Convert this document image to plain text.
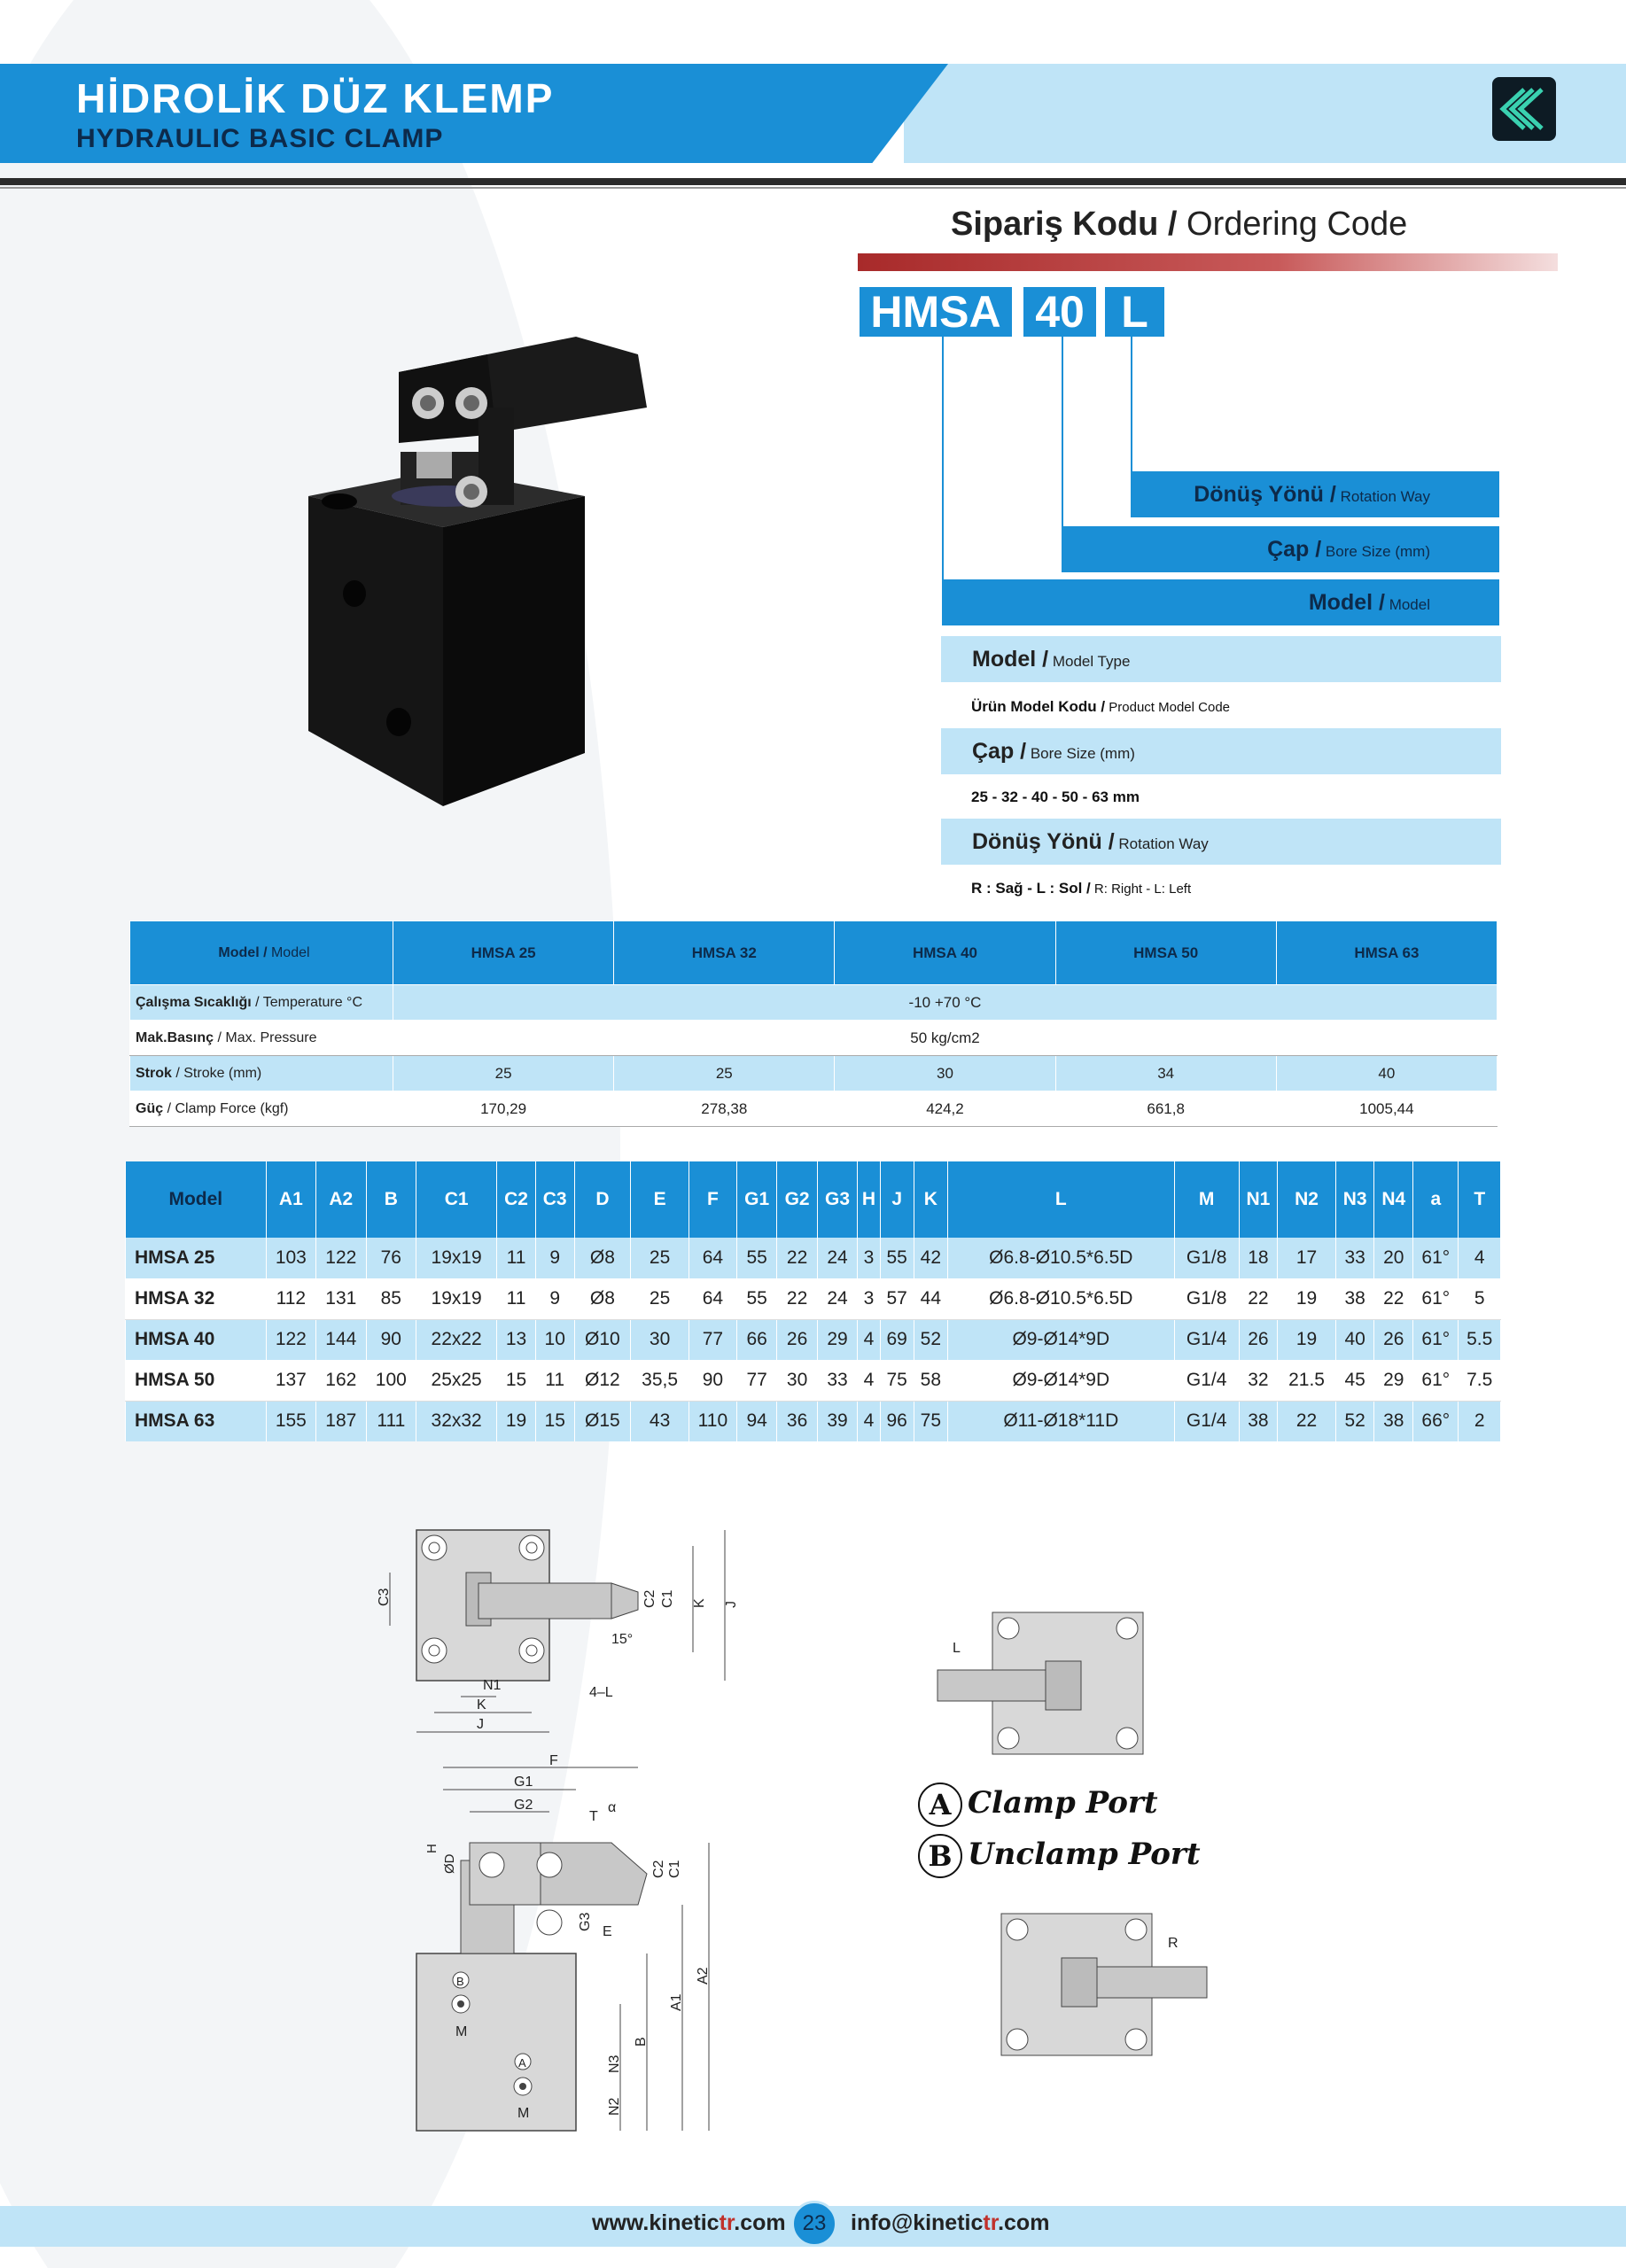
HİDROLİK DÜZ KLEMP
HYDRAULIC BASIC CLAMP
Sipariş Kodu / Ordering Code
HMSA 40 L
Dönüş Yönü / Rotation Way
Çap / Bore Size (mm)
Model / Model
Model / Model Type
Ürün Model Kodu / Product Model Code
Çap / Bore Size (mm)
25 - 32 - 40 - 50 - 63 mm
Dönüş Yönü / Rotation Way
R : Sağ - L : Sol / R: Right - L: Left
Model / Model	HMSA 25	HMSA 32	HMSA 40	HMSA 50	HMSA 63
Çalışma Sıcaklığı / Temperature °C	-10 +70 °C				
Mak.Basınç / Max. Pressure	50 kg/cm2				
Strok / Stroke (mm)	25	25	30	34	40
Güç / Clamp Force (kgf)	170,29	278,38	424,2	661,8	1005,44
Model	A1	A2	B	C1	C2	C3	D	E	F	G1	G2	G3	H	J	K	L	M	N1	N2	N3	N4	a	T
HMSA 25	103	122	76	19x19	11	9	Ø8	25	64	55	22	24	3	55	42	Ø6.8-Ø10.5*6.5D	G1/8	18	17	33	20	61°	4
HMSA 32	112	131	85	19x19	11	9	Ø8	25	64	55	22	24	3	57	44	Ø6.8-Ø10.5*6.5D	G1/8	22	19	38	22	61°	5
HMSA 40	122	144	90	22x22	13	10	Ø10	30	77	66	26	29	4	69	52	Ø9-Ø14*9D	G1/4	26	19	40	26	61°	5.5
HMSA 50	137	162	100	25x25	15	11	Ø12	35,5	90	77	30	33	4	75	58	Ø9-Ø14*9D	G1/4	32	21.5	45	29	61°	7.5
HMSA 63	155	187	111	32x32	19	15	Ø15	43	110	94	36	39	4	96	75	Ø11-Ø18*11D	G1/4	38	22	52	38	66°	2
C3	C2 C1 K J
15°
N1
K
J
4–L
B
A
F
G1
G2
T
α
H
ØD	C2 C1
G3
E
A1
A2
B
N3
N2
M
M
L
R
A Clamp Port
B Unclamp Port
www.kinetictr.com 23	info@kinetictr.com
